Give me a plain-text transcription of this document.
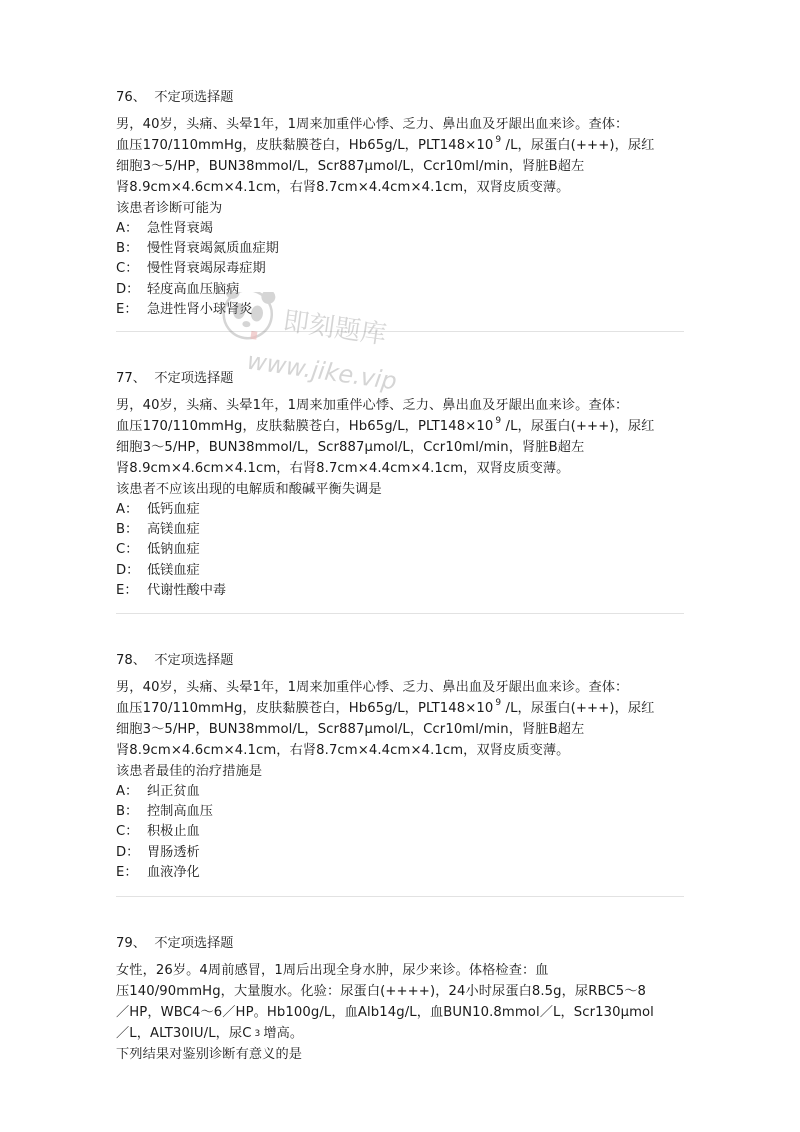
76、 不定项选择题
男，40岁，头痛、头晕1年，1周来加重伴心悸、乏力、鼻出血及牙龈出血来诊。查体：
血压170/110mmHg，皮肤黏膜苍白，Hb65g/L，PLT148×10 $^9$ /L，尿蛋白(+++)，尿红
细胞3～5/HP，BUN38mmol/L，Scr887μmol/L，Ccr10ml/min，肾脏B超左
肾8.9cm×4.6cm×4.1cm，右肾8.7cm×4.4cm×4.1cm，双肾皮质变薄。
该患者诊断可能为
A： 急性肾衰竭
B： 慢性肾衰竭氮质血症期
C： 慢性肾衰竭尿毒症期
D： 轻度高血压脑病
E： 急进性肾小球肾炎
77、 不定项选择题
男，40岁，头痛、头晕1年，1周来加重伴心悸、乏力、鼻出血及牙龈出血来诊。查体：
血压170/110mmHg，皮肤黏膜苍白，Hb65g/L，PLT148×10 $^9$ /L，尿蛋白(+++)，尿红
细胞3～5/HP，BUN38mmol/L，Scr887μmol/L，Ccr10ml/min，肾脏B超左
肾8.9cm×4.6cm×4.1cm，右肾8.7cm×4.4cm×4.1cm，双肾皮质变薄。
该患者不应该出现的电解质和酸碱平衡失调是
A： 低钙血症
B： 高镁血症
C： 低钠血症
D： 低镁血症
E： 代谢性酸中毒
78、 不定项选择题
男，40岁，头痛、头晕1年，1周来加重伴心悸、乏力、鼻出血及牙龈出血来诊。查体：
血压170/110mmHg，皮肤黏膜苍白，Hb65g/L，PLT148×10 $^9$ /L，尿蛋白(+++)，尿红
细胞3～5/HP，BUN38mmol/L，Scr887μmol/L，Ccr10ml/min，肾脏B超左
肾8.9cm×4.6cm×4.1cm，右肾8.7cm×4.4cm×4.1cm，双肾皮质变薄。
该患者最佳的治疗措施是
A： 纠正贫血
B： 控制高血压
C： 积极止血
D： 胃肠透析
E： 血液净化
79、 不定项选择题
女性，26岁。4周前感冒，1周后出现全身水肿，尿少来诊。体格检查：血
压140/90mmHg，大量腹水。化验：尿蛋白(++++)，24小时尿蛋白8.5g，尿RBC5～8
／HP，WBC4～6／HP。Hb100g/L，血Alb14g/L，血BUN10.8mmol／L，Scr130μmol
／L，ALT30IU/L，尿C 3 增高。
下列结果对鉴别诊断有意义的是
即刻题库
www.jike.vip
